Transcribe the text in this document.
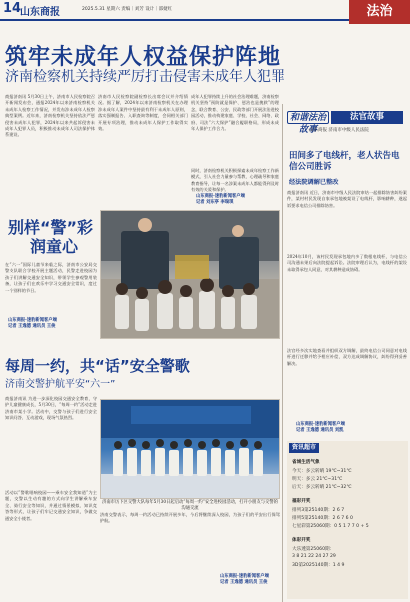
14
山东商报	2025.5.31 星期六 责编｜刘芳 设计｜邵婕红	法治
筑牢未成年人权益保护阵地
济南检察机关持续严厉打击侵害未成年人犯罪
商报济南讯 5月30日上午，济南市人民检察院召开新闻发布会，通报2024年以来济南检察机关未成年人检察工作情况，并发布涉未成年人检察典型案例。近年来，济南检察机关坚持依法严惩侵害未成年人犯罪，2024年以来共起诉侵害未成年人犯罪人员，积极推动未成年人司法保护体系建设。
济南市人民检察院副检察长出席会议并介绍情况。据了解，2024年以来济南检察机关在办理涉未成年人案件中坚持最有利于未成年人原则，落实强制报告、入职查询等制度，会同相关部门开展专项治理，推动未成年人保护工作取得实效。
成年人犯罪持续上升的社会治理难题，济南检察机关坚持“预防就是保护、惩治也是挽救”的理念，联合教育、公安、民政等部门开展法治进校园活动，推动构建家庭、学校、社会、网络、政府、司法“六大保护”融合履职格局，形成未成年人保护工作合力。
同时，济南检察机关积极探索未成年检察工作新模式，引入社会力量参与帮教、心理疏导和家庭教育指导，让每一名涉案未成年人都能得到及时有效的关爱和保护。
山东商报·速豹新闻客户端
记者 刘东亭 李瑞琪
别样“警”彩
润童心
在“六一”国际儿童节来临之际，济南市公安局交警支队联合学校开展主题活动，民警走进校园为孩子们讲解交通安全知识，带领学生参观警用装备，让孩子们在欢乐中学习交通安全常识，度过一个别样的节日。
山东商报·速豹新闻客户端
记者 王逸德 通讯员 王俊
每周一约，共“话”安全警歌
济南交警护航平安“六一”
商报济南讯 为进一步深化校园交通安全教育，守护儿童健康成长，5月30日，“每周一约”活动走进济南市某小学。活动中，交警与孩子们进行安全知识问答、互动游戏，现场气氛热烈。
活动以“警歌唱响校园——乘车安全我知道”为主题，交警以生动有趣的方式向学生讲解乘车安全、骑行安全等知识，并通过情景模拟、知识竞答等形式，让孩子们牢记交通安全知识，争做交通安全小使者。
济南交警表示，每周一约活动已持续开展多年，今后将继续深入校园，为孩子们的平安出行保驾护航。
山东商报·速豹新闻客户端
记者 王逸德 通讯员 王俊
济南市历下区交警大队每年5月30日起启动“每周一约”安全进校园活动，打开小朋友与交警的沟通交流
和谐法治故事
法官故事
山东商报 济南市中级人民法院
田间多了电线杆，老人状告电信公司胜诉
经法院调解已整改
商报济南讯 近日，济南市中级人民法院审结一起排除妨害纠纷案件，某村村民发现自家承包地被架设了电线杆，影响耕种，遂起诉要求电信公司排除妨害。
2024年10月，该村民发现承包地内多了数根电线杆，与电信公司沟通未果后向法院提起诉讼。法院审理后认为，电线杆的架设未取得承包人同意，对其耕种造成妨碍。
法官经多次实地查看并组织双方调解，最终电信公司同意对电线杆进行迁移并给予相应补偿，双方达成调解协议，纠纷得到妥善解决。
山东商报·速豹新闻客户端
记者 王逸德 通讯员 刘凯
资讯超市
省城生活气象
今天：多云转晴 19℃~31℃
明天：多云 21℃~31℃
后天：多云转晴 21℃~32℃
福彩开奖
排列3第25140期：2 6 7
排列5第25140期：2 6 7 6 0
七星彩第25060期：0 5 1 7 7 0 + 5
体彩开奖
大乐透第25060期：
3 8 21 22 24 27 29
3D第2025140期：1 4 9
